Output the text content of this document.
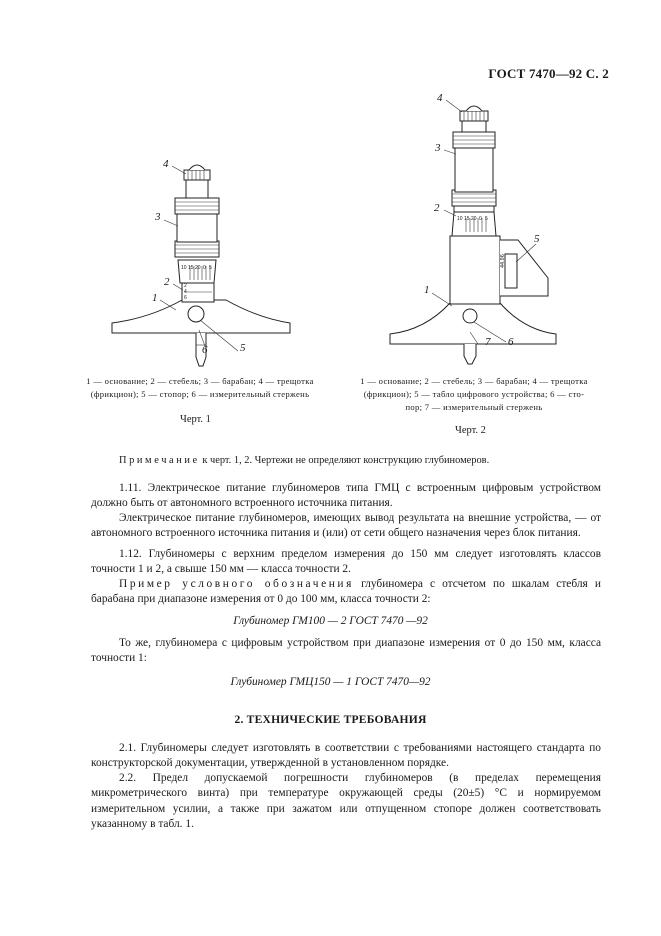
ГОСТ 7470—92 С. 2
4
3
2
1
5
6
10 15 20 0 5
2
4
6
1 — основание; 2 — стебель; 3 — барабан; 4 — трещотка
(фрикцион); 5 — стопор; 6 — измерительный стержень
Черт. 1
4
3
2
1
5
6
7
10 15 20 0 5
44.96
1 — основание; 2 — стебель; 3 — барабан; 4 — трещотка
(фрикцион); 5 — табло цифрового устройства; 6 — сто-
пор; 7 — измерительный стержень
Черт. 2
Примечание к черт. 1, 2. Чертежи не определяют конструкцию глубиномеров.
1.11. Электрическое питание глубиномеров типа ГМЦ с встроенным цифровым устройством должно быть от автономного встроенного источника питания.
Электрическое питание глубиномеров, имеющих вывод результата на внешние устройства, — от автономного встроенного источника питания и (или) от сети общего назначения через блок питания.
1.12. Глубиномеры с верхним пределом измерения до 150 мм следует изготовлять классов точности 1 и 2, а свыше 150 мм — класса точности 2.
Пример условного обозначения глубиномера с отсчетом по шкалам стебля и барабана при диапазоне измерения от 0 до 100 мм, класса точности 2:
Глубиномер ГМ100 — 2 ГОСТ 7470 —92
То же, глубиномера с цифровым устройством при диапазоне измерения от 0 до 150 мм, класса точности 1:
Глубиномер ГМЦ150 — 1 ГОСТ 7470—92
2. ТЕХНИЧЕСКИЕ ТРЕБОВАНИЯ
2.1. Глубиномеры следует изготовлять в соответствии с требованиями настоящего стандарта по конструкторской документации, утвержденной в установленном порядке.
2.2. Предел допускаемой погрешности глубиномеров (в пределах перемещения микрометрического винта) при температуре окружающей среды (20±5) °С и нормируемом измерительном усилии, а также при зажатом или отпущенном стопоре должен соответствовать указанному в табл. 1.
